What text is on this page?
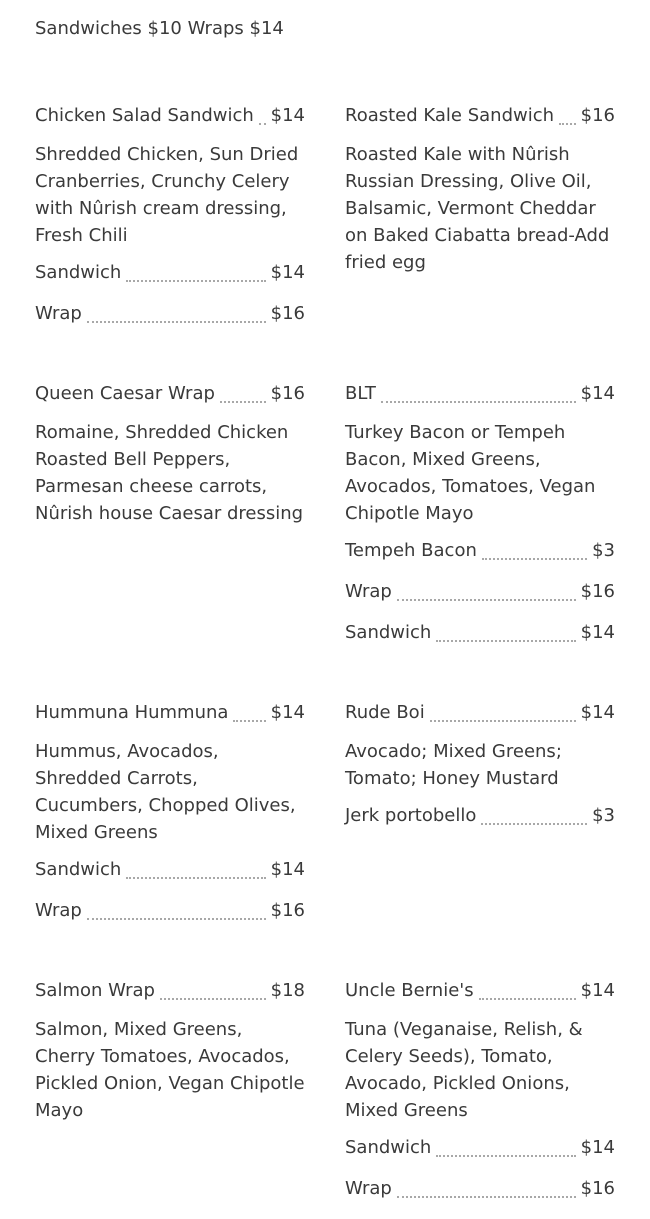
Sandwiches $10 Wraps $14
Chicken Salad Sandwich $14
Shredded Chicken, Sun Dried Cranberries, Crunchy Celery with Nûrish cream dressing, Fresh Chili
Sandwich	$14
Wrap	$16
Roasted Kale Sandwich $16
Roasted Kale with Nûrish Russian Dressing, Olive Oil, Balsamic, Vermont Cheddar on Baked Ciabatta bread-Add fried egg
Queen Caesar Wrap	$16
Romaine, Shredded Chicken Roasted Bell Peppers, Parmesan cheese carrots, Nûrish house Caesar dressing
BLT	$14
Turkey Bacon or Tempeh Bacon, Mixed Greens, Avocados, Tomatoes, Vegan Chipotle Mayo
Tempeh Bacon	$3
Wrap	$16
Sandwich	$14
Hummuna Hummuna $14
Hummus, Avocados, Shredded Carrots, Cucumbers, Chopped Olives, Mixed Greens
Sandwich	$14
Wrap	$16
Rude Boi	$14
Avocado; Mixed Greens; Tomato; Honey Mustard
Jerk portobello	$3
Salmon Wrap	$18
Salmon, Mixed Greens, Cherry Tomatoes, Avocados, Pickled Onion, Vegan Chipotle Mayo
Uncle Bernie's	$14
Tuna (Veganaise, Relish, & Celery Seeds), Tomato, Avocado, Pickled Onions, Mixed Greens
Sandwich	$14
Wrap	$16
